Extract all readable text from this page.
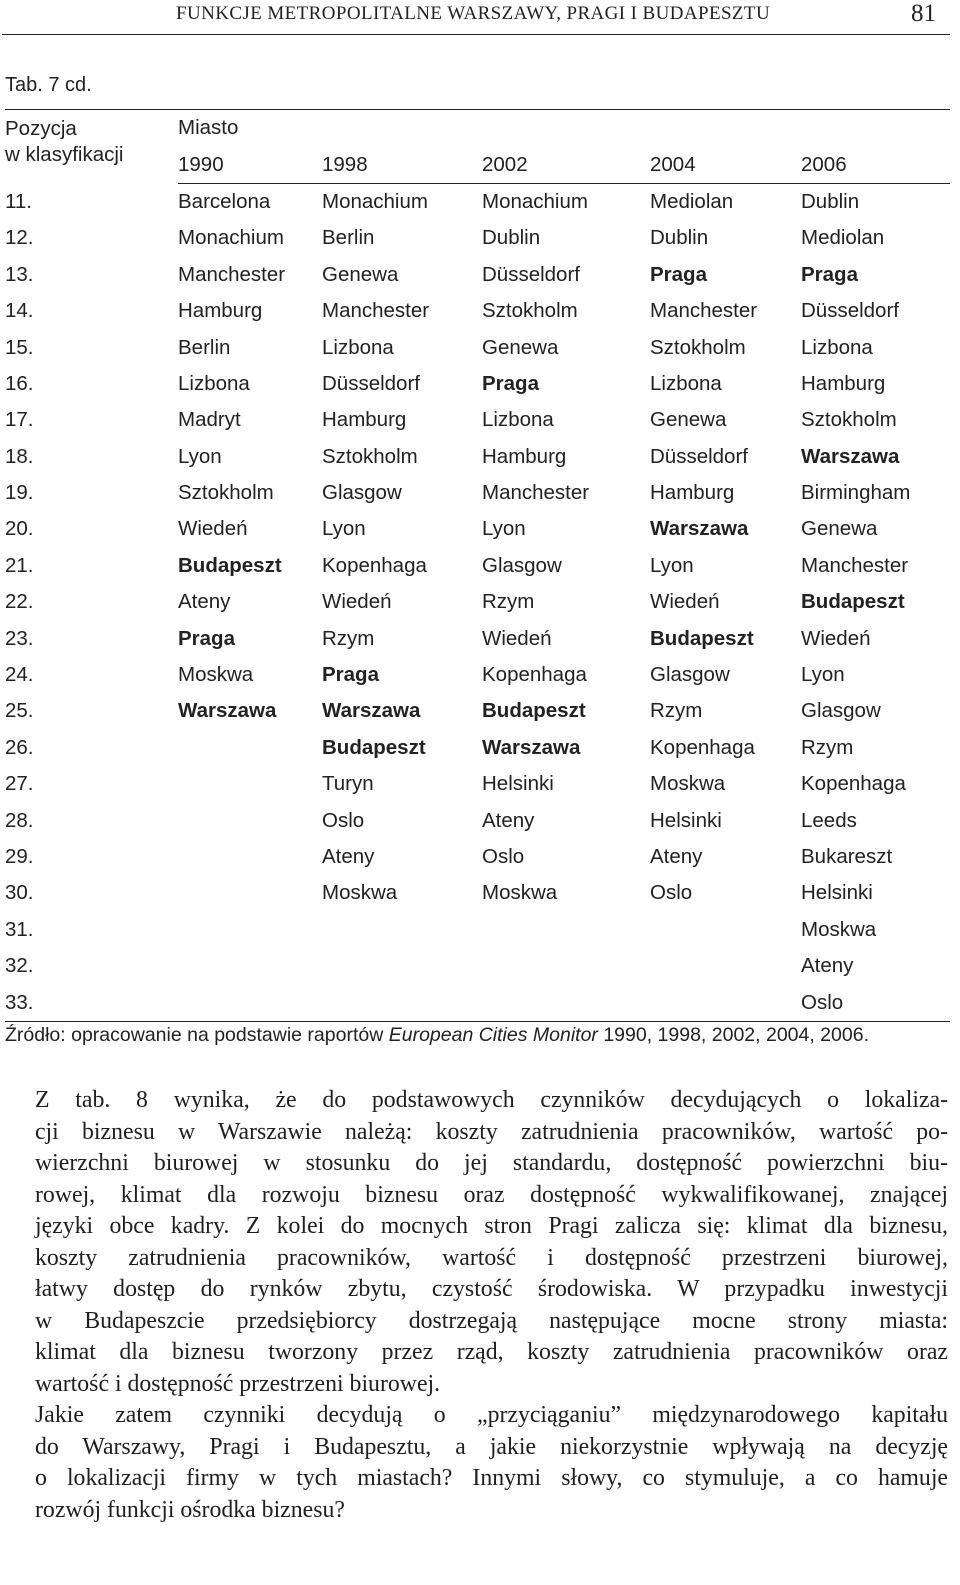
FUNKCJE METROPOLITALNE WARSZAWY, PRAGI I BUDAPESZTU	81
Tab. 7 cd.
Pozycja
w klasyfikacji	Miasto				
	1990	1998	2002	2004	2006
11.	Barcelona	Monachium	Monachium	Mediolan	Dublin
12.	Monachium	Berlin	Dublin	Dublin	Mediolan
13.	Manchester	Genewa	Düsseldorf	Praga	Praga
14.	Hamburg	Manchester	Sztokholm	Manchester	Düsseldorf
15.	Berlin	Lizbona	Genewa	Sztokholm	Lizbona
16.	Lizbona	Düsseldorf	Praga	Lizbona	Hamburg
17.	Madryt	Hamburg	Lizbona	Genewa	Sztokholm
18.	Lyon	Sztokholm	Hamburg	Düsseldorf	Warszawa
19.	Sztokholm	Glasgow	Manchester	Hamburg	Birmingham
20.	Wiedeń	Lyon	Lyon	Warszawa	Genewa
21.	Budapeszt	Kopenhaga	Glasgow	Lyon	Manchester
22.	Ateny	Wiedeń	Rzym	Wiedeń	Budapeszt
23.	Praga	Rzym	Wiedeń	Budapeszt	Wiedeń
24.	Moskwa	Praga	Kopenhaga	Glasgow	Lyon
25.	Warszawa	Warszawa	Budapeszt	Rzym	Glasgow
26.		Budapeszt	Warszawa	Kopenhaga	Rzym
27.		Turyn	Helsinki	Moskwa	Kopenhaga
28.		Oslo	Ateny	Helsinki	Leeds
29.		Ateny	Oslo	Ateny	Bukareszt
30.		Moskwa	Moskwa	Oslo	Helsinki
31.					Moskwa
32.					Ateny
33.					Oslo
Źródło: opracowanie na podstawie raportów European Cities Monitor 1990, 1998, 2002, 2004, 2006.

Z tab. 8 wynika, że do podstawowych czynników decydujących o lokaliza-
cji biznesu w Warszawie należą: koszty zatrudnienia pracowników, wartość po-
wierzchni biurowej w stosunku do jej standardu, dostępność powierzchni biu-
rowej, klimat dla rozwoju biznesu oraz dostępność wykwalifikowanej, znającej
języki obce kadry. Z kolei do mocnych stron Pragi zalicza się: klimat dla biznesu,
koszty zatrudnienia pracowników, wartość i dostępność przestrzeni biurowej,
łatwy dostęp do rynków zbytu, czystość środowiska. W przypadku inwestycji
w Budapeszcie przedsiębiorcy dostrzegają następujące mocne strony miasta:
klimat dla biznesu tworzony przez rząd, koszty zatrudnienia pracowników oraz
wartość i dostępność przestrzeni biurowej.

Jakie zatem czynniki decydują o „przyciąganiu” międzynarodowego kapitału
do Warszawy, Pragi i Budapesztu, a jakie niekorzystnie wpływają na decyzję
o lokalizacji firmy w tych miastach? Innymi słowy, co stymuluje, a co hamuje
rozwój funkcji ośrodka biznesu?
